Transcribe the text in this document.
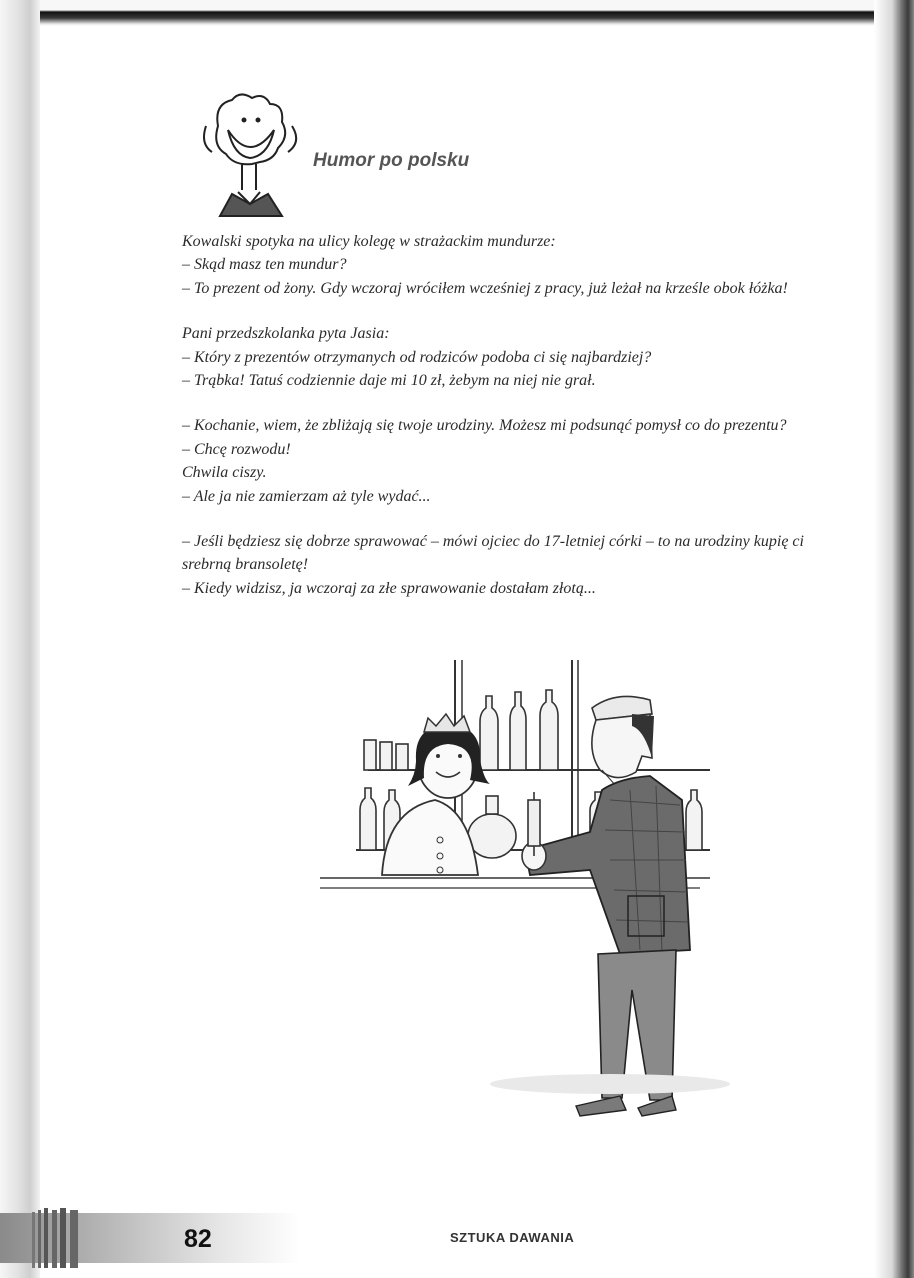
Humor po polsku

Kowalski spotyka na ulicy kolegę w strażackim mundurze:

– Skąd masz ten mundur?

– To prezent od żony. Gdy wczoraj wróciłem wcześniej z pracy, już leżał na krześle obok łóżka!

Pani przedszkolanka pyta Jasia:

– Który z prezentów otrzymanych od rodziców podoba ci się najbardziej?

– Trąbka! Tatuś codziennie daje mi 10 zł, żebym na niej nie grał.

– Kochanie, wiem, że zbliżają się twoje urodziny. Możesz mi podsunąć pomysł co do prezentu?

– Chcę rozwodu!

Chwila ciszy.

– Ale ja nie zamierzam aż tyle wydać...

– Jeśli będziesz się dobrze sprawować – mówi ojciec do 17-letniej córki – to na urodziny kupię ci srebrną bransoletę!

– Kiedy widzisz, ja wczoraj za złe sprawowanie dostałam złotą...

82	SZTUKA DAWANIA
